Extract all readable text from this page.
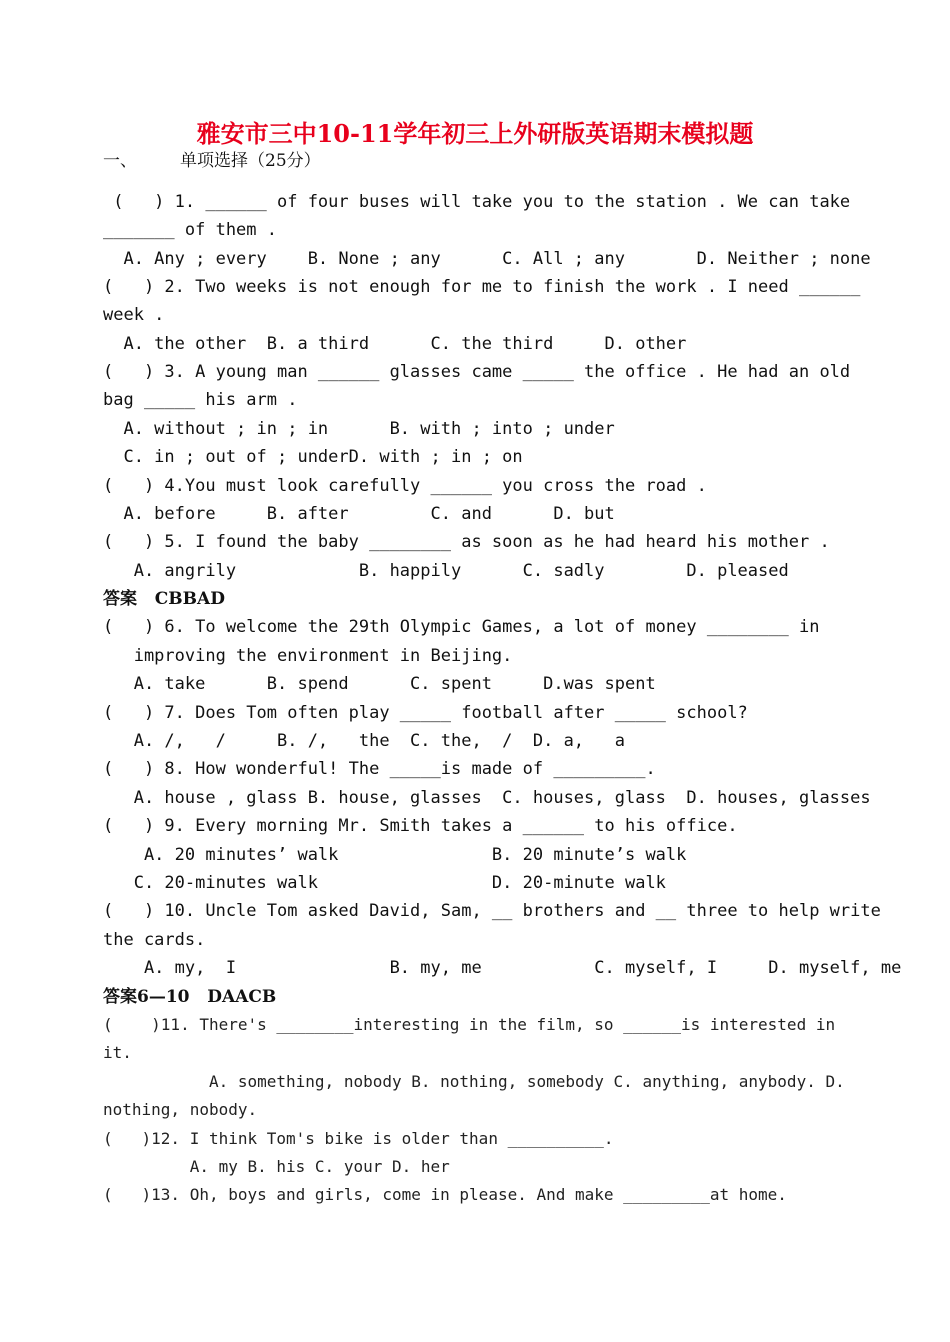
雅安市三中10-11学年初三上外研版英语期末模拟题
一、	单项选择（25分）
(   ) 1. ______ of four buses will take you to the station . We can take
_______ of them .
A. Any ; every    B. None ; any      C. All ; any       D. Neither ; none
(   ) 2. Two weeks is not enough for me to finish the work . I need ______
week .
A. the other  B. a third      C. the third     D. other
(   ) 3. A young man ______ glasses came _____ the office . He had an old
bag _____ his arm .
A. without ; in ; in      B. with ; into ; under
C. in ; out of ; underD. with ; in ; on
(   ) 4.You must look carefully ______ you cross the road .
A. before     B. after        C. and      D. but
(   ) 5. I found the baby ________ as soon as he had heard his mother .
A. angrily            B. happily      C. sadly        D. pleased
答案   CBBAD
(   ) 6. To welcome the 29th Olympic Games, a lot of money ________ in
improving the environment in Beijing.
A. take      B. spend      C. spent     D.was spent
(   ) 7. Does Tom often play _____ football after _____ school?
A. /,   /     B. /,   the  C. the,  /  D. a,   a
(   ) 8. How wonderful! The _____is made of _________.
A. house , glass B. house, glasses  C. houses, glass  D. houses, glasses
(   ) 9. Every morning Mr. Smith takes a ______ to his office.
A. 20 minutes’ walk               B. 20 minute’s walk
C. 20-minutes walk                 D. 20-minute walk
(   ) 10. Uncle Tom asked David, Sam, __ brothers and __ three to help write
the cards.
A. my,  I               B. my, me           C. myself, I     D. myself, me
答案6—10   DAACB
(    )11. There's ________interesting in the film, so ______is interested in
it.
A. something, nobody B. nothing, somebody C. anything, anybody. D.
nothing, nobody.
(   )12. I think Tom's bike is older than __________.
A. my B. his C. your D. her
(   )13. Oh, boys and girls, come in please. And make _________at home.
